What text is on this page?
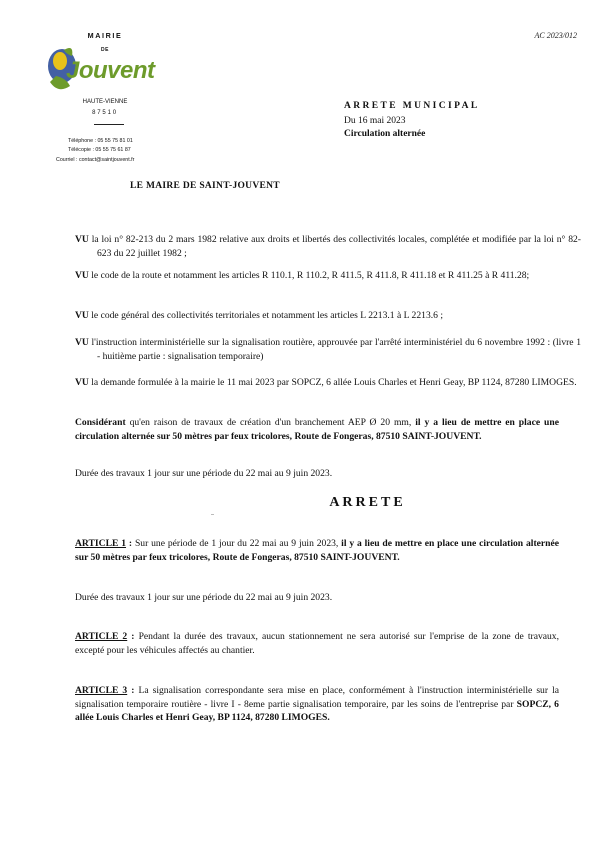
MAIRIE
DE
Jouvent
HAUTE-VIENNE
87510
Téléphone : 05 55 75 81 01
Télécopie : 05 55 75 61 87
Courriel : contact@saintjouvent.fr
AC 2023/012
ARRETE MUNICIPAL
Du 16 mai 2023
Circulation alternée
LE MAIRE DE SAINT-JOUVENT
VU la loi n° 82-213 du 2 mars 1982 relative aux droits et libertés des collectivités locales, complétée et modifiée par la loi n° 82-623 du 22 juillet 1982 ;
VU le code de la route et notamment les articles R 110.1, R 110.2, R 411.5, R 411.8, R 411.18 et R 411.25 à R 411.28;
VU le code général des collectivités territoriales et notamment les articles L 2213.1 à L 2213.6 ;
VU l'instruction interministérielle sur la signalisation routière, approuvée par l'arrêté interministériel du 6 novembre 1992 : (livre 1 - huitième partie : signalisation temporaire)
VU la demande formulée à la mairie le 11 mai 2023 par SOPCZ, 6 allée Louis Charles et Henri Geay, BP 1124, 87280 LIMOGES.
Considérant qu'en raison de travaux de création d'un branchement AEP Ø 20 mm, il y a lieu de mettre en place une circulation alternée sur 50 mètres par feux tricolores, Route de Fongeras, 87510 SAINT-JOUVENT.
Durée des travaux 1 jour sur une période du 22 mai au 9 juin 2023.
ARRETE
ARTICLE 1 : Sur une période de 1 jour du 22 mai au 9 juin 2023, il y a lieu de mettre en place une circulation alternée sur 50 mètres par feux tricolores, Route de Fongeras, 87510 SAINT-JOUVENT.
Durée des travaux 1 jour sur une période du 22 mai au 9 juin 2023.
ARTICLE 2 : Pendant la durée des travaux, aucun stationnement ne sera autorisé sur l'emprise de la zone de travaux, excepté pour les véhicules affectés au chantier.
ARTICLE 3 : La signalisation correspondante sera mise en place, conformément à l'instruction interministérielle sur la signalisation temporaire routière - livre I - 8eme partie signalisation temporaire, par les soins de l'entreprise par SOPCZ, 6 allée Louis Charles et Henri Geay, BP 1124, 87280 LIMOGES.
